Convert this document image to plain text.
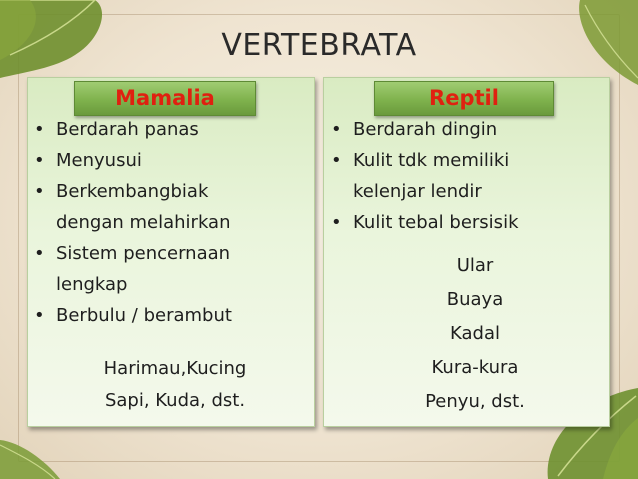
VERTEBRATA
Mamalia	Reptil
• Berdarah panas
• Menyusui
• Berkembangbiak dengan melahirkan
• Sistem pencernaan lengkap
• Berbulu / berambut
Harimau,Kucing
Sapi, Kuda, dst.
• Berdarah dingin
• Kulit tdk memiliki kelenjar lendir
• Kulit tebal bersisik
Ular
Buaya
Kadal
Kura-kura
Penyu, dst.
